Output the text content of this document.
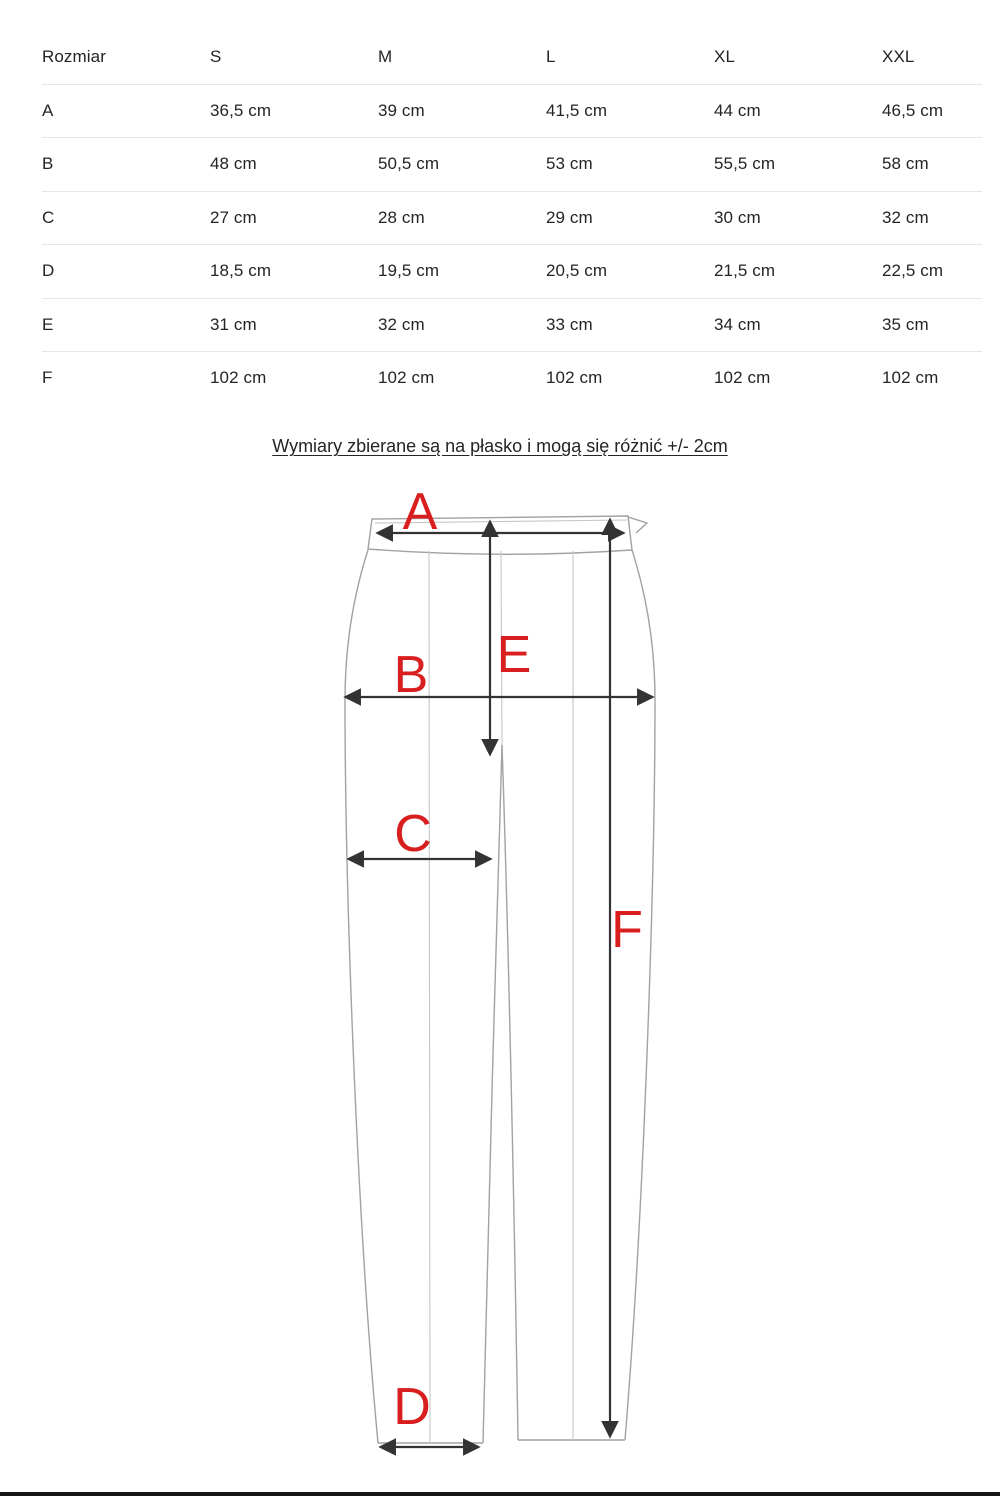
Rozmiar	S	M	L	XL	XXL
A	36,5 cm	39 cm	41,5 cm	44 cm	46,5 cm
B	48 cm	50,5 cm	53 cm	55,5 cm	58 cm
C	27 cm	28 cm	29 cm	30 cm	32 cm
D	18,5 cm	19,5 cm	20,5 cm	21,5 cm	22,5 cm
E	31 cm	32 cm	33 cm	34 cm	35 cm
F	102 cm	102 cm	102 cm	102 cm	102 cm
Wymiary zbierane są na płasko i mogą się różnić +/- 2cm
A
E
B
C
F
D
